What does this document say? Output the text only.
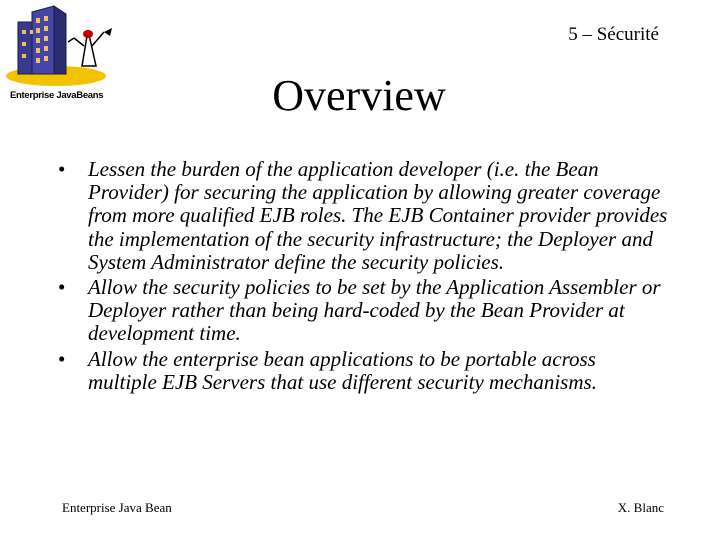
Enterprise JavaBeans
5 – Sécurité
Overview
• Lessen the burden of the application developer (i.e. the Bean Provider) for securing the application by allowing greater coverage from more qualified EJB roles. The EJB Container provider provides the implementation of the security infrastructure; the Deployer and System Administrator define the security policies.
• Allow the security policies to be set by the Application Assembler or Deployer rather than being hard-coded by the Bean Provider at development time.
• Allow the enterprise bean applications to be portable across multiple EJB Servers that use different security mechanisms.
Enterprise Java Bean	X. Blanc
